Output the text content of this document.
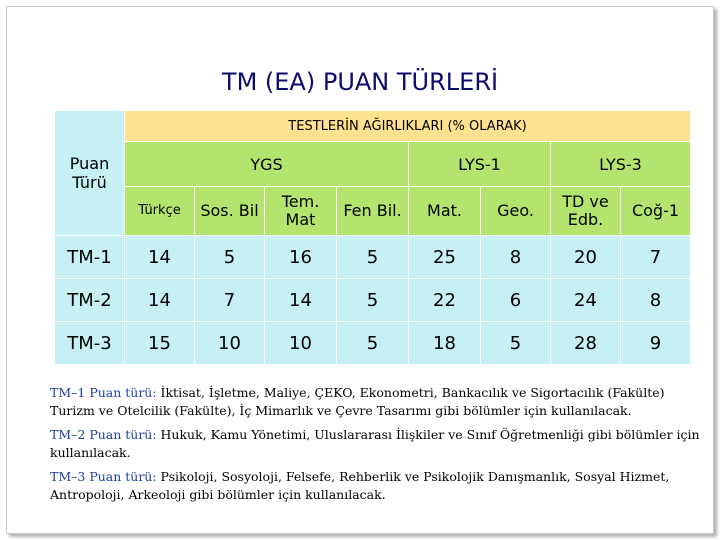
TM (EA) PUAN TÜRLERİ
Puan Türü	TESTLERİN AĞIRLIKLARI (% OLARAK)							
	YGS				LYS-1		LYS-3	
	Türkçe	Sos. Bil	Tem. Mat	Fen Bil.	Mat.	Geo.	TD ve Edb.	Coğ-1
TM-1	14	5	16	5	25	8	20	7
TM-2	14	7	14	5	22	6	24	8
TM-3	15	10	10	5	18	5	28	9

TM–1 Puan türü: İktisat, İşletme, Maliye, ÇEKO, Ekonometri, Bankacılık ve Sigortacılık (Fakülte) Turizm ve Otelcilik (Fakülte), İç Mimarlık ve Çevre Tasarımı gibi bölümler için kullanılacak.

TM–2 Puan türü: Hukuk, Kamu Yönetimi, Uluslararası İlişkiler ve Sınıf Öğretmenliği gibi bölümler için kullanılacak.

TM–3 Puan türü: Psikoloji, Sosyoloji, Felsefe, Rehberlik ve Psikolojik Danışmanlık, Sosyal Hizmet, Antropoloji, Arkeoloji gibi bölümler için kullanılacak.
